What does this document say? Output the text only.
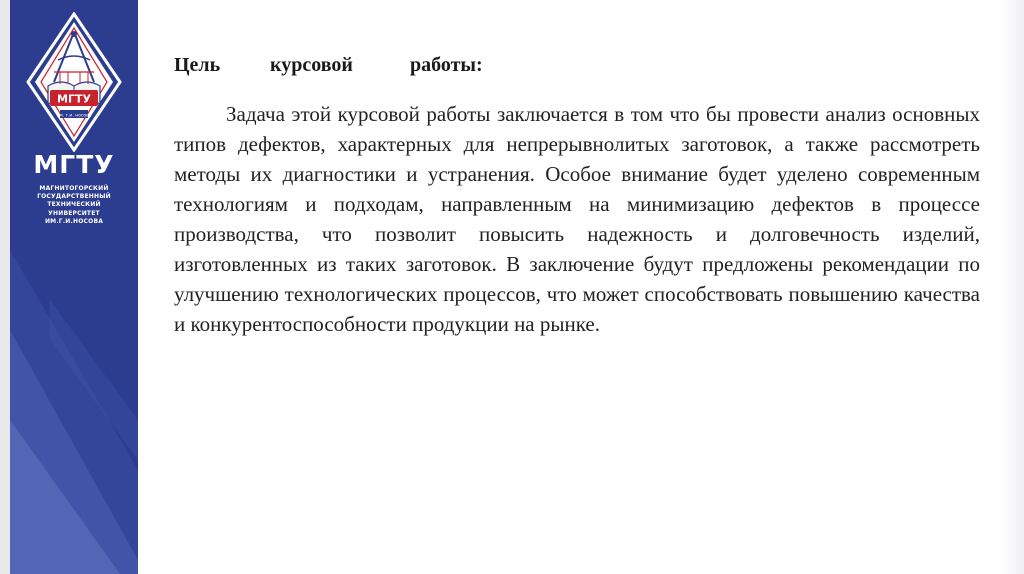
МГТУ
им. г.и. носова
МГТУ
МАГНИТОГОРСКИЙ
ГОСУДАРСТВЕННЫЙ
ТЕХНИЧЕСКИЙ
УНИВЕРСИТЕТ
ИМ.Г.И.НОСОВА
Цель	курсовой	работы:
Задача этой курсовой работы заключается в том что бы провести анализ основных типов дефектов, характерных для непрерывнолитых заготовок, а также рассмотреть методы их диагностики и устранения. Особое внимание будет уделено современным технологиям и подходам, направленным на минимизацию дефектов в процессе производства, что позволит повысить надежность и долговечность изделий, изготовленных из таких заготовок. В заключение будут предложены рекомендации по улучшению технологических процессов, что может способствовать повышению качества и конкурентоспособности продукции на рынке.
